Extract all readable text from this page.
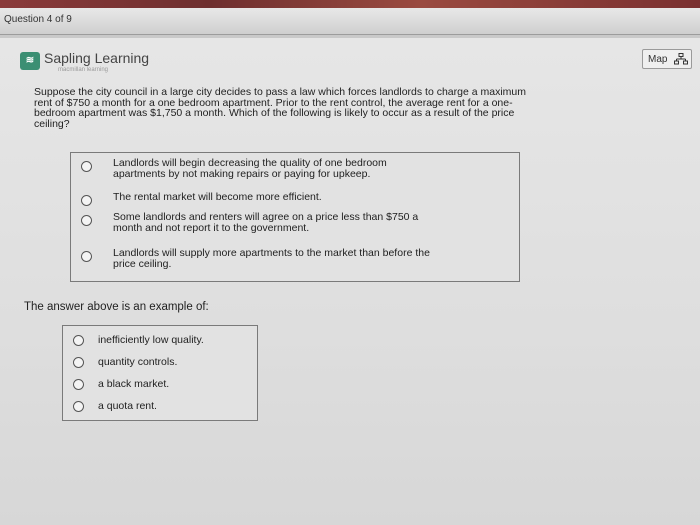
Question 4 of 9
≋ Sapling Learning
macmillan learning
Map
Suppose the city council in a large city decides to pass a law which forces landlords to charge a maximum
rent of $750 a month for a one bedroom apartment. Prior to the rent control, the average rent for a one-
bedroom apartment was $1,750 a month. Which of the following is likely to occur as a result of the price
ceiling?
Landlords will begin decreasing the quality of one bedroom
apartments by not making repairs or paying for upkeep.
The rental market will become more efficient.
Some landlords and renters will agree on a price less than $750 a
month and not report it to the government.
Landlords will supply more apartments to the market than before the
price ceiling.
The answer above is an example of:
inefficiently low quality.
quantity controls.
a black market.
a quota rent.
